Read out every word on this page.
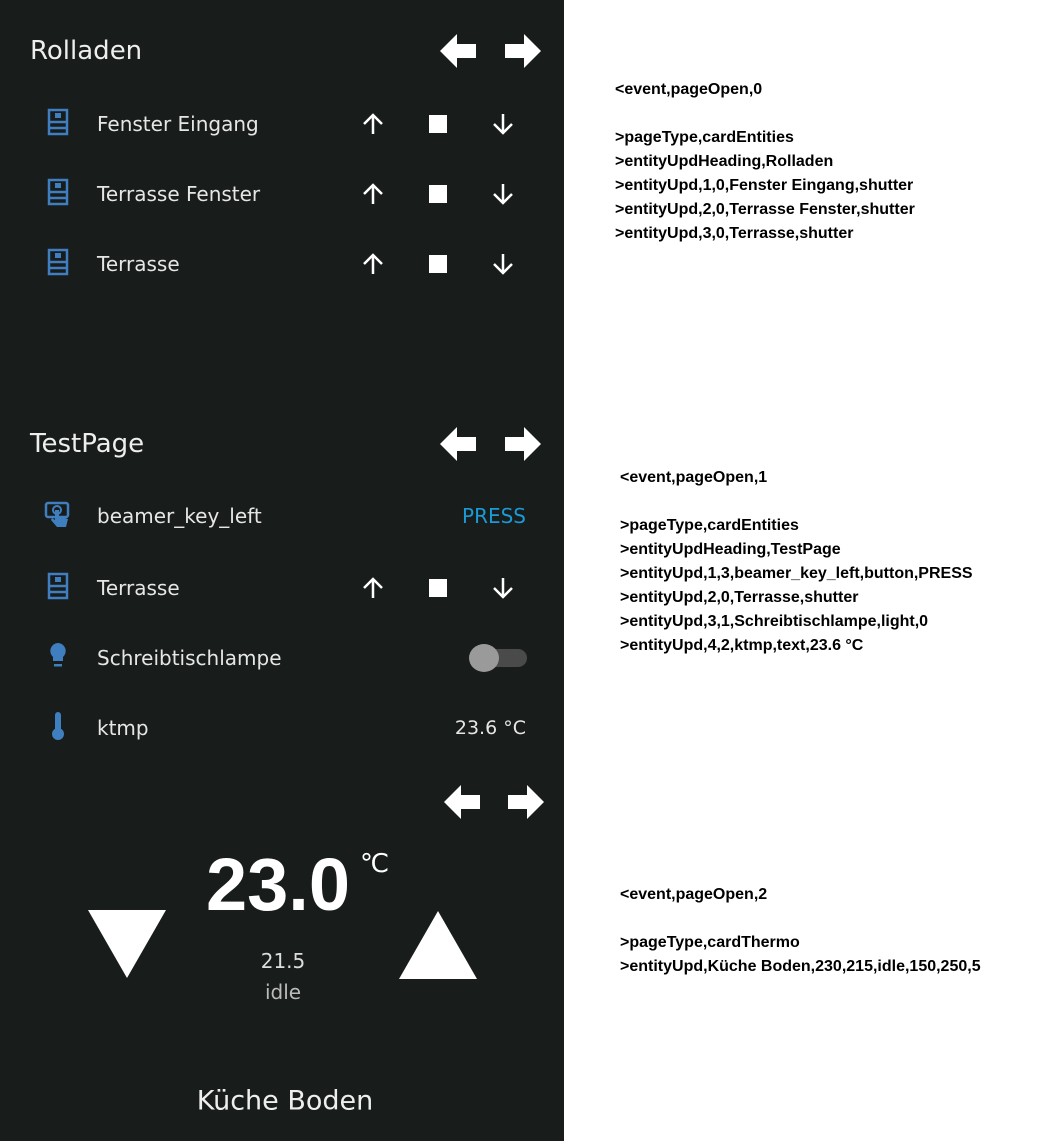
Rolladen
Fenster Eingang
Terrasse Fenster
Terrasse
TestPage
beamer_key_left	PRESS
Terrasse
Schreibtischlampe
ktmp	23.6 °C
23.0 ℃
21.5
idle
Küche Boden
<event,pageOpen,0
>pageType,cardEntities
>entityUpdHeading,Rolladen
>entityUpd,1,0,Fenster Eingang,shutter
>entityUpd,2,0,Terrasse Fenster,shutter
>entityUpd,3,0,Terrasse,shutter
<event,pageOpen,1
>pageType,cardEntities
>entityUpdHeading,TestPage
>entityUpd,1,3,beamer_key_left,button,PRESS
>entityUpd,2,0,Terrasse,shutter
>entityUpd,3,1,Schreibtischlampe,light,0
>entityUpd,4,2,ktmp,text,23.6 °C
<event,pageOpen,2
>pageType,cardThermo
>entityUpd,Küche Boden,230,215,idle,150,250,5
